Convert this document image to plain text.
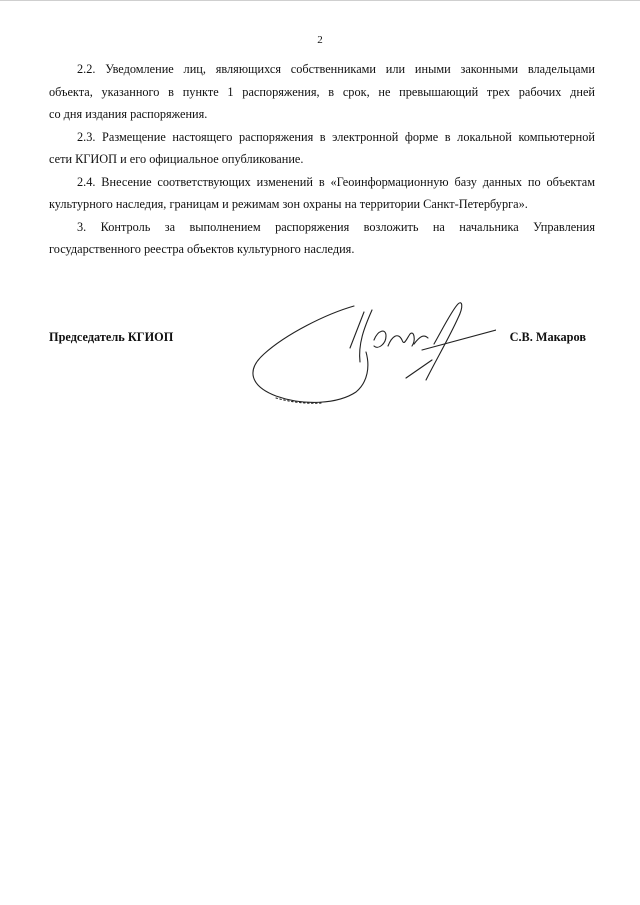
2

2.2. Уведомление лиц, являющихся собственниками или иными законными владельцами
объекта, указанного в пункте 1 распоряжения, в срок, не превышающий трех рабочих дней
со дня издания распоряжения.

2.3. Размещение настоящего распоряжения в электронной форме в локальной компьютерной
сети КГИОП и его официальное опубликование.

2.4. Внесение соответствующих изменений в «Геоинформационную базу данных по объектам
культурного наследия, границам и режимам зон охраны на территории Санкт-Петербурга».

3. Контроль за выполнением распоряжения возложить на начальника Управления
государственного реестра объектов культурного наследия.

Председатель КГИОП	С.В. Макаров
